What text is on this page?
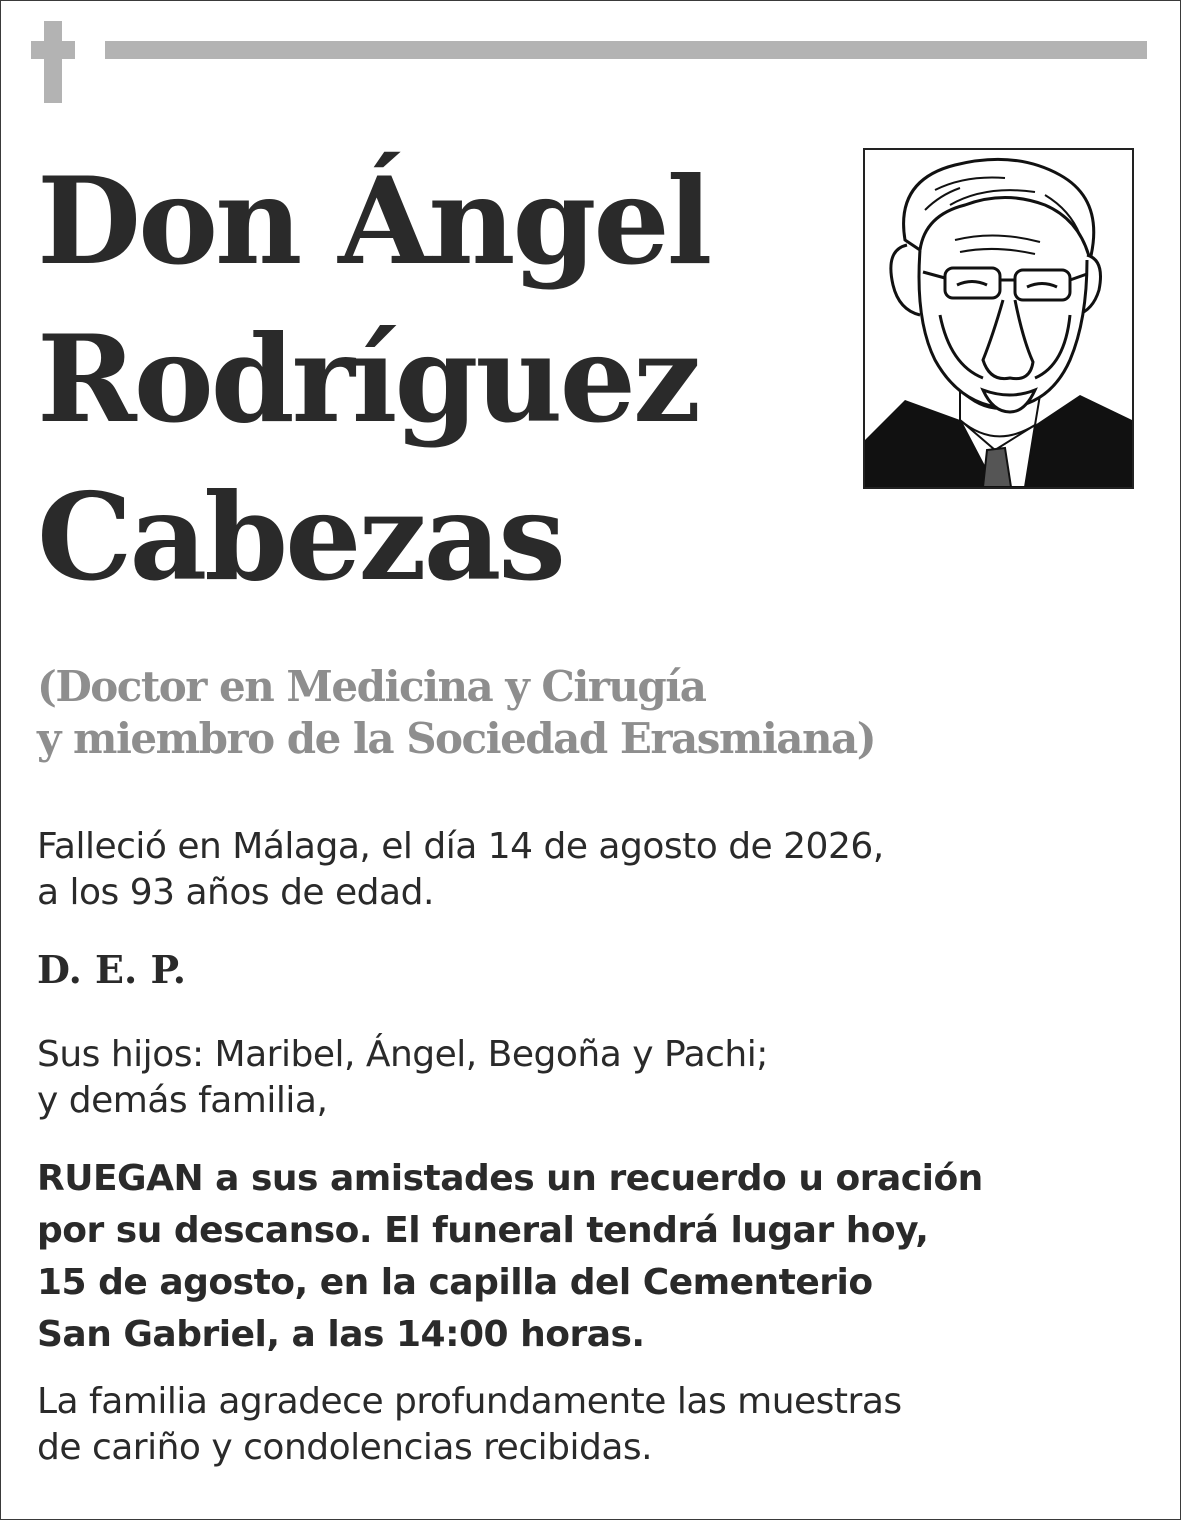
Don Ángel
Rodríguez
Cabezas
(Doctor en Medicina y Cirugía
y miembro de la Sociedad Erasmiana)
Falleció en Málaga, el día 14 de agosto de 2026,
a los 93 años de edad.
D. E. P.
Sus hijos: Maribel, Ángel, Begoña y Pachi;
y demás familia,
RUEGAN a sus amistades un recuerdo u oración
por su descanso. El funeral tendrá lugar hoy,
15 de agosto, en la capilla del Cementerio
San Gabriel, a las 14:00 horas.
La familia agradece profundamente las muestras
de cariño y condolencias recibidas.
